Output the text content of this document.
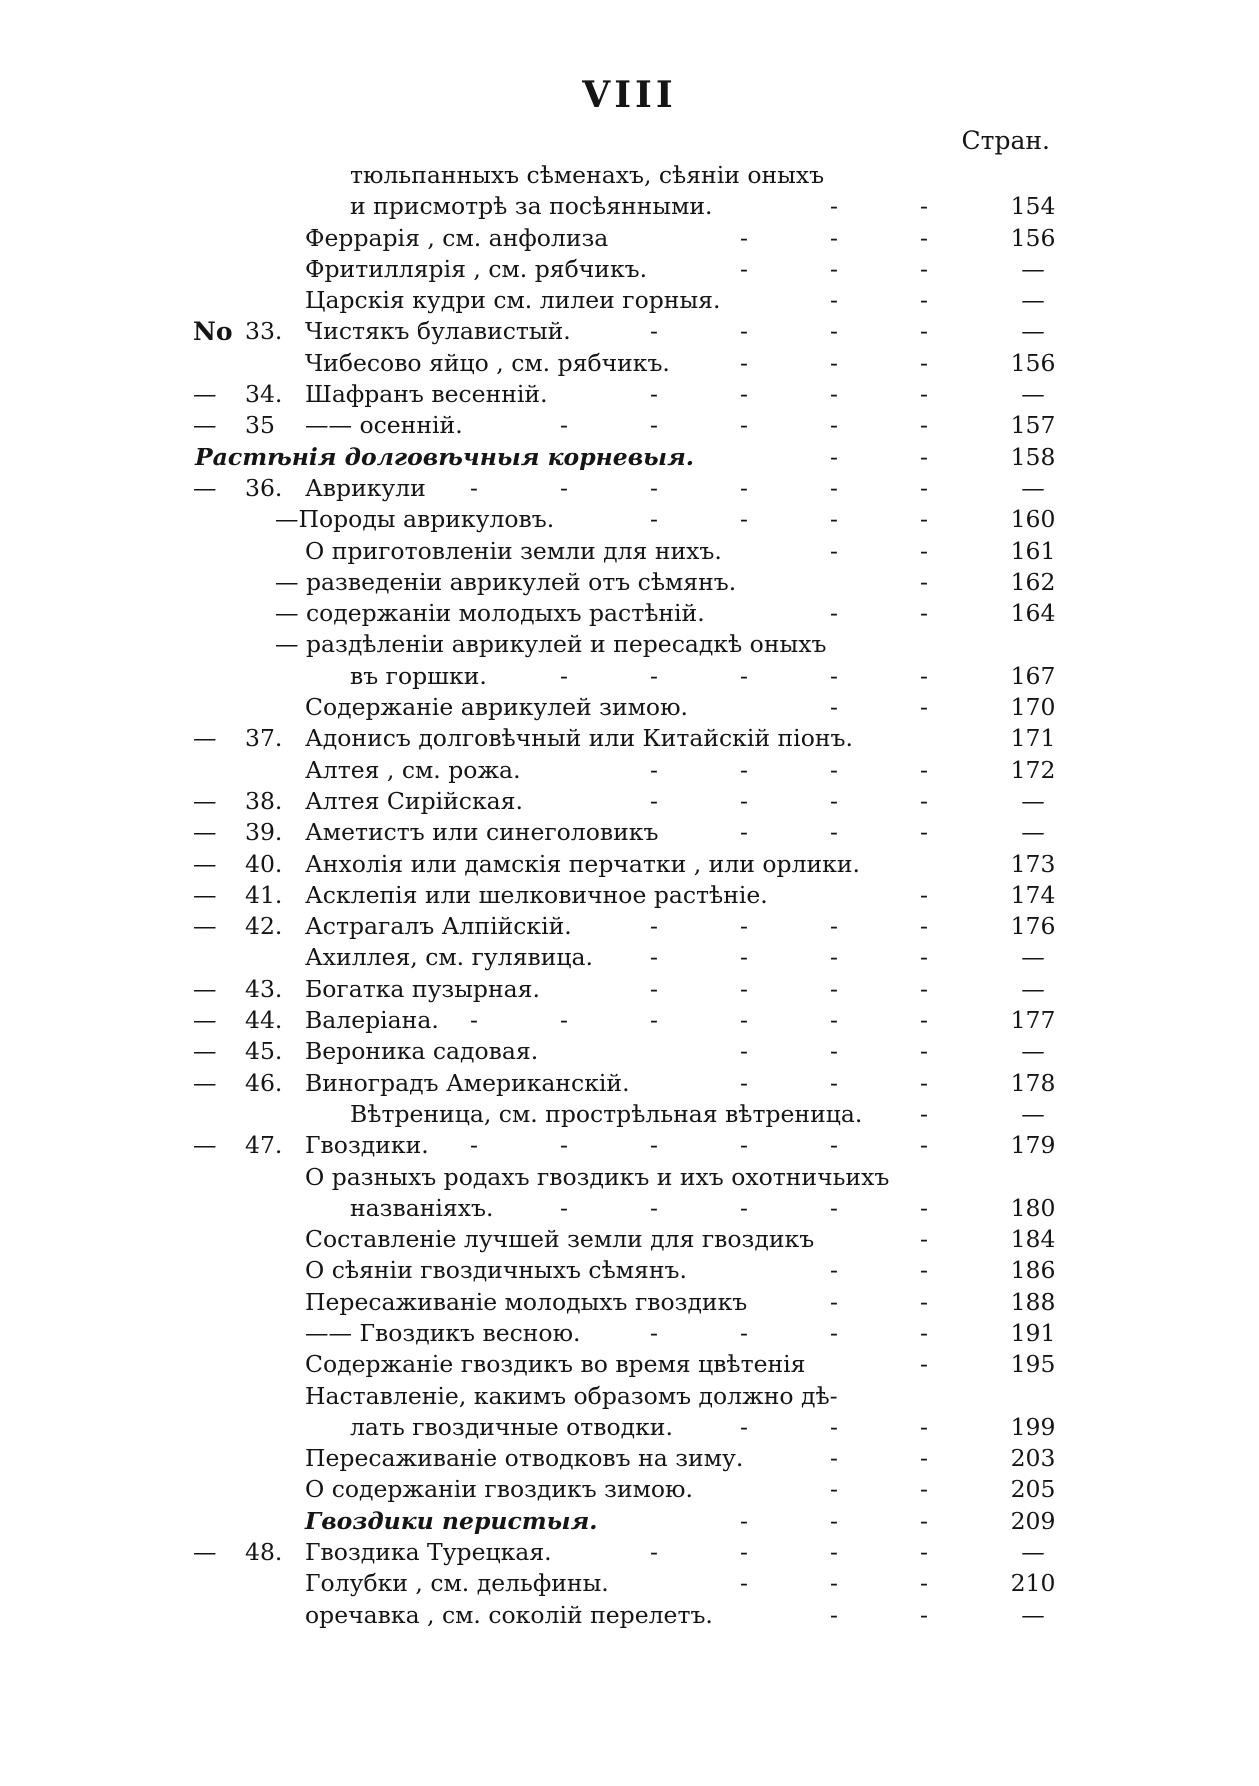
VIII
Стран.
тюльпанныхъ сѣменахъ, сѣяніи оныхъ
и присмотрѣ за посѣянными.	-	-	154
Феррарія , см. анфолиза	-	-	-	156
Фритиллярія , см. рябчикъ.	-	-	-	—
Царскія кудри см. лилеи горныя.	-	-	—
No 33. Чистякъ булавистый.	-	-	-	-	—
Чибесово яйцо , см. рябчикъ.	-	-	-	156
—	34. Шафранъ весенній.	-	-	-	-	—
—	35	—— осенній.	-	-	-	-	-	157
Растѣнія долговѣчныя корневыя.	-	-	158
—	36. Аврикули -	-	-	-	-	-	—
—Породы аврикуловъ.	-	-	-	-	160
О приготовленіи земли для нихъ.	-	-	161
— разведеніи аврикулей отъ сѣмянъ.	-	162
— содержаніи молодыхъ растѣній.	-	-	164
— раздѣленіи аврикулей и пересадкѣ оныхъ
въ горшки.	-	-	-	-	-	167
Содержаніе аврикулей зимою.	-	-	170
—	37. Адонисъ долговѣчный или Китайскій піонъ.	171
Алтея , см. рожа.	-	-	-	-	172
—	38. Алтея Сирійская.	-	-	-	-	—
—	39. Аметистъ или синеголовикъ	-	-	-	—
—	40. Анхолія или дамскія перчатки , или орлики.	173
—	41. Асклепія или шелковичное растѣніе.	-	174
—	42. Астрагалъ Алпійскій.	-	-	-	-	176
Ахиллея, см. гулявица. -	-	-	-	—
—	43. Богатка пузырная.	-	-	-	-	—
—	44. Валеріана. -	-	-	-	-	-	177
—	45. Вероника садовая.	-	-	-	—
—	46. Виноградъ Американскій.	-	-	-	178
Вѣтреница, см. прострѣльная вѣтреница. -	—
—	47. Гвоздики. -	-	-	-	-	-	179
О разныхъ родахъ гвоздикъ и ихъ охотничьихъ
названіяхъ.	-	-	-	-	-	180
Составленіе лучшей земли для гвоздикъ	-	184
О сѣяніи гвоздичныхъ сѣмянъ.	-	-	186
Пересаживаніе молодыхъ гвоздикъ	-	-	188
—— Гвоздикъ весною.	-	-	-	-	191
Содержаніе гвоздикъ во время цвѣтенія	-	195
Наставленіе, какимъ образомъ должно дѣ-
лать гвоздичные отводки.	-	-	-	199
Пересаживаніе отводковъ на зиму.	-	-	203
О содержаніи гвоздикъ зимою.	-	-	205
Гвоздики перистыя.	-	-	-	209
—	48. Гвоздика Турецкая.	-	-	-	-	—
Голубки , см. дельфины.	-	-	-	210
оречавка , см. соколій перелетъ.	-	-	—
